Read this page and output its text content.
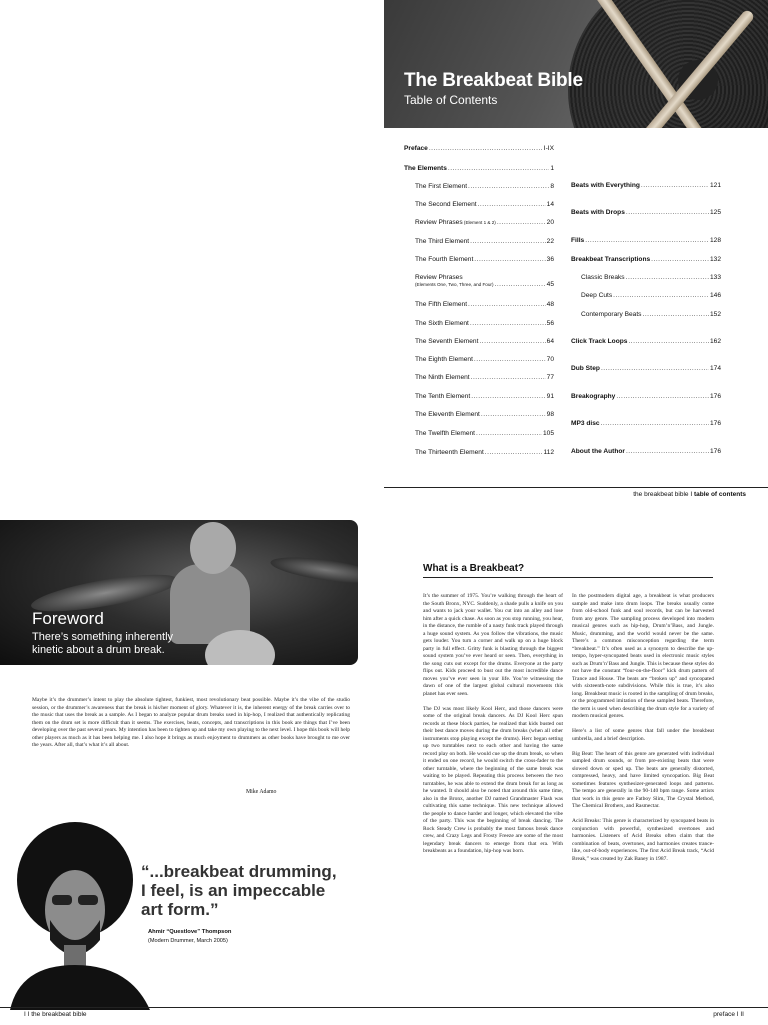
The Breakbeat Bible
Table of Contents
Preface .....	I-IX
The Elements .....	1
The First Element .....	8
The Second Element .....	14
Review Phrases (Element 1 & 2) .....	20
The Third Element .....	22
The Fourth Element .....	36
Review Phrases
(Elements One, Two, Three, and Four) .....	45
The Fifth Element .....	48
The Sixth Element .....	56
The Seventh Element .....	64
The Eighth Element .....	70
The Ninth Element .....	77
The Tenth Element .....	91
The Eleventh Element .....	98
The Twelfth Element .....	105
The Thirteenth Element .....	112
Beats with Everything .....	121
Beats with Drops .....	125
Fills .....	128
Breakbeat Transcriptions .....	132
Classic Breaks .....	133
Deep Cuts .....	146
Contemporary Beats .....	152
Click Track Loops .....	162
Dub Step .....	174
Breakography .....	176
MP3 disc .....	176
About the Author .....	176
the breakbeat bible I table of contents
Foreword
There’s something inherently kinetic about a drum break.
Maybe it’s the drummer’s intent to play the absolute tightest, funkiest, most revolutionary beat possible. Maybe it’s the vibe of the studio session, or the drummer’s awareness that the break is his/her moment of glory. Whatever it is, the inherent energy of the break carries over to the music that uses the break as a sample. As I began to analyze popular drum breaks used in hip-hop, I realized that authentically replicating them on the drum set is more difficult than it seems. The exercises, beats, concepts, and transcriptions in this book are things that I’ve been developing over the past several years. My intention has been to tighten up and take my own playing to the next level. I hope this book will help other players as much as it has been helping me. I also hope it brings as much enjoyment to drummers as other books have brought to me over the years. After all, that’s what it’s all about.
Mike Adamo
“...breakbeat drumming, I feel, is an impeccable art form.”
Ahmir “Questlove” Thompson
(Modern Drummer, March 2005)
I I the breakbeat bible
What is a Breakbeat?

It’s the summer of 1975. You’re walking through the heart of the South Bronx, NYC. Suddenly, a shade pulls a knife on you and wants to jack your wallet. You cut into an alley and lose him after a quick chase. As soon as you stop running, you hear, in the distance, the rumble of a nasty funk track played through a huge sound system. As you follow the vibrations, the music gets louder. You turn a corner and walk up on a huge block party in full effect. Gritty funk is blasting through the biggest sound system you’ve ever heard or seen. Then, everything in the song cuts out except for the drums. Everyone at the party flips out. Kids proceed to bust out the most incredible dance moves you’ve ever seen in your life. You’re witnessing the dawn of one of the largest global cultural movements this planet has ever seen.

The DJ was most likely Kool Herc, and those dancers were some of the original break dancers. As DJ Kool Herc spun records at these block parties, he realized that kids busted out their best dance moves during the drum breaks (when all other instruments stop playing except the drums). Herc began setting up two turntables next to each other and having the same record play on both. He would cue up the drum break, so when it ended on one record, he would switch the cross-fader to the other turntable, where the beginning of the same break was waiting to be played. Repeating this process between the two turntables, he was able to extend the drum break for as long as he wanted. It should also be noted that around this same time, also in the Bronx, another DJ named Grandmaster Flash was cultivating this same technique. This new technique allowed the people to dance harder and longer, which elevated the vibe of the party. This was the beginning of break dancing. The Rock Steady Crew is probably the most famous break dance crew, and Crazy Legs and Frosty Freeze are some of the most legendary break dancers to emerge from that era. With breakbeats as a foundation, hip-hop was born.

In the postmodern digital age, a breakbeat is what producers sample and make into drum loops. The breaks usually come from old-school funk and soul records, but can be harvested from any genre. The sampling process developed into modern musical genres such as hip-hop, Drum’n’Bass, and Jungle. Music, drumming, and the world would never be the same. There’s a common misconception regarding the term “breakbeat.” It’s often used as a synonym to describe the up-tempo, hyper-syncopated beats used in electronic music styles such as Drum’n’Bass and Jungle. This is because these styles do not have the constant “four-on-the-floor” kick drum pattern of Trance and House. The beats are “broken up” and syncopated with sixteenth-note subdivisions. While this is true, it’s also long. Breakbeat music is rooted in the sampling of drum breaks, or the programmed imitation of these sampled beats. Therefore, the term is used when describing the drum style for a variety of modern musical genres.

Here’s a list of some genres that fall under the breakbeat umbrella, and a brief description.

Big Beat: The heart of this genre are generated with individual sampled drum sounds, or from pre-existing beats that were slowed down or sped up. The beats are generally distorted, compressed, heavy, and have limited syncopation. Big Beat sometimes features synthesizer-generated loops and patterns. The tempo are generally in the 90-140 bpm range. Some artists that work in this genre are Fatboy Slim, The Crystal Method, The Chemical Brothers, and Rasmectar.

Acid Breaks: This genre is characterized by syncopated beats in conjunction with powerful, synthesized overtones and harmonies. Listeners of Acid Breaks often claim that the combination of beats, overtones, and harmonies creates trance-like, out-of-body experiences. The first Acid Break track, “Acid Break,” was created by Zak Baney in 1987.

preface I II
